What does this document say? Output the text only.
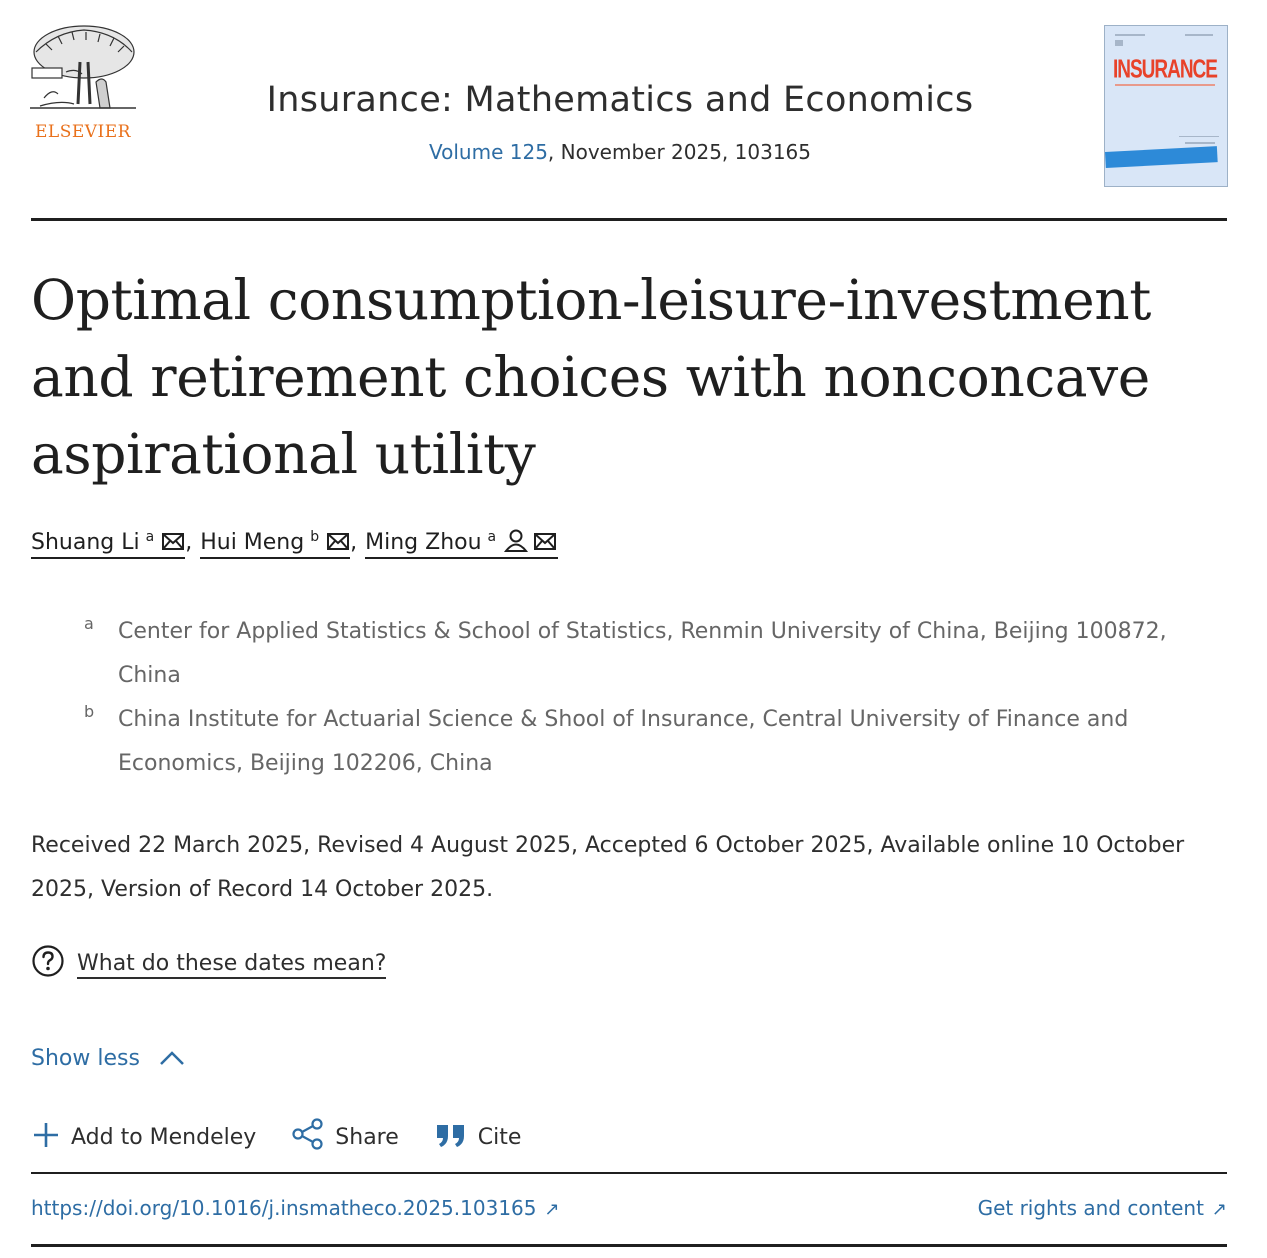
ELSEVIER
Insurance: Mathematics and Economics
Volume 125, November 2025, 103165
INSURANCE
Optimal consumption-leisure-investment and retirement choices with nonconcave aspirational utility
Shuang Li $^a$ , Hui Meng $^b$ , Ming Zhou $^a$
a Center for Applied Statistics & School of Statistics, Renmin University of China, Beijing 100872, China
b China Institute for Actuarial Science & Shool of Insurance, Central University of Finance and Economics, Beijing 102206, China
Received 22 March 2025, Revised 4 August 2025, Accepted 6 October 2025, Available online 10 October 2025, Version of Record 14 October 2025.
What do these dates mean?
Show less
Add to Mendeley	Share	Cite
https://doi.org/10.1016/j.insmatheco.2025.103165 ↗	Get rights and content ↗
